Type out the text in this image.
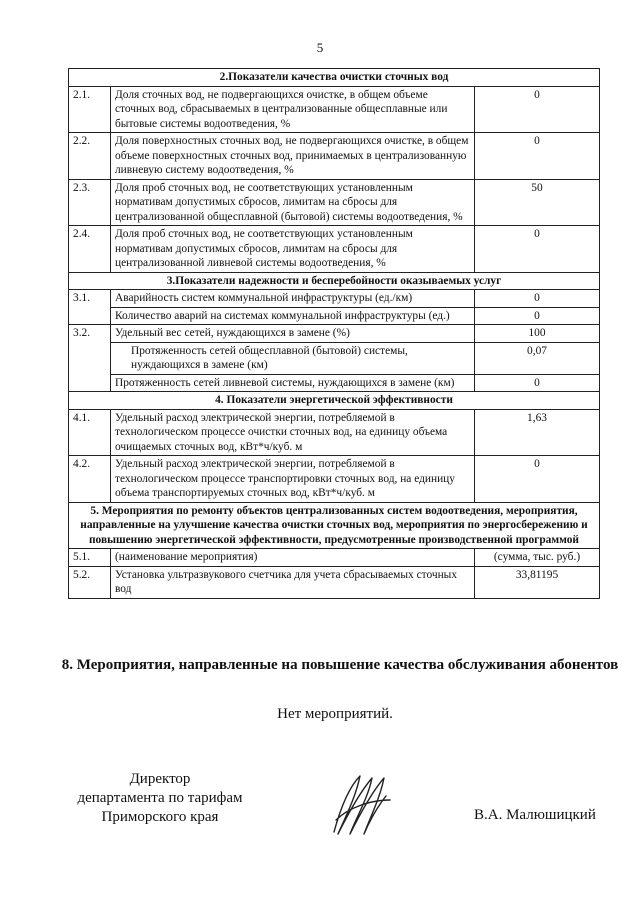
5
2.Показатели качества очистки сточных вод		
2.1.	Доля сточных вод, не подвергающихся очистке, в общем объеме сточных вод, сбрасываемых в централизованные общесплавные или бытовые системы водоотведения, %	0
2.2.	Доля поверхностных сточных вод, не подвергающихся очистке, в общем объеме поверхностных сточных вод, принимаемых в централизованную ливневую систему водоотведения, %	0
2.3.	Доля проб сточных вод, не соответствующих установленным нормативам допустимых сбросов, лимитам на сбросы для централизованной общесплавной (бытовой) системы водоотведения, %	50
2.4.	Доля проб сточных вод, не соответствующих установленным нормативам допустимых сбросов, лимитам на сбросы для централизованной ливневой системы водоотведения, %	0
3.Показатели надежности и бесперебойности оказываемых услуг		
3.1.	Аварийность систем коммунальной инфраструктуры (ед./км)	0
	Количество аварий на системах коммунальной инфраструктуры (ед.)	0
3.2.	Удельный вес сетей, нуждающихся в замене (%)	100
	Протяженность сетей общесплавной (бытовой) системы, нуждающихся в замене (км)	0,07
	Протяженность сетей ливневой системы, нуждающихся в замене (км)	0
4. Показатели энергетической эффективности		
4.1.	Удельный расход электрической энергии, потребляемой в технологическом процессе очистки сточных вод, на единицу объема очищаемых сточных вод, кВт*ч/куб. м	1,63
4.2.	Удельный расход электрической энергии, потребляемой в технологическом процессе транспортировки сточных вод, на единицу объема транспортируемых сточных вод, кВт*ч/куб. м	0
5. Мероприятия по ремонту объектов централизованных систем водоотведения, мероприятия, направленные на улучшение качества очистки сточных вод, мероприятия по энергосбережению и повышению энергетической эффективности, предусмотренные производственной программой		
5.1.	(наименование мероприятия)	(сумма, тыс. руб.)
5.2.	Установка ультразвукового счетчика для учета сбрасываемых сточных вод	33,81195
8. Мероприятия, направленные на повышение качества обслуживания абонентов
Нет мероприятий.
Директор
департамента по тарифам
Приморского края	В.А. Малюшицкий
